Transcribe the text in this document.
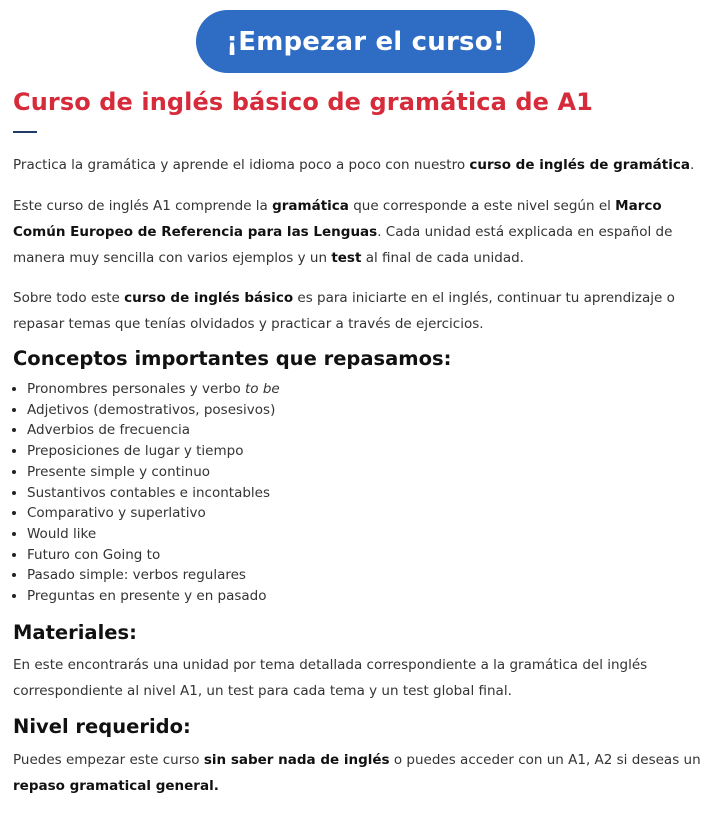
¡Empezar el curso!
Curso de inglés básico de gramática de A1
Practica la gramática y aprende el idioma poco a poco con nuestro curso de inglés de gramática.
Este curso de inglés A1 comprende la gramática que corresponde a este nivel según el Marco Común Europeo de Referencia para las Lenguas. Cada unidad está explicada en español de manera muy sencilla con varios ejemplos y un test al final de cada unidad.
Sobre todo este curso de inglés básico es para iniciarte en el inglés, continuar tu aprendizaje o repasar temas que tenías olvidados y practicar a través de ejercicios.
Conceptos importantes que repasamos:
• Pronombres personales y verbo to be
• Adjetivos (demostrativos, posesivos)
• Adverbios de frecuencia
• Preposiciones de lugar y tiempo
• Presente simple y continuo
• Sustantivos contables e incontables
• Comparativo y superlativo
• Would like
• Futuro con Going to
• Pasado simple: verbos regulares
• Preguntas en presente y en pasado
Materiales:
En este encontrarás una unidad por tema detallada correspondiente a la gramática del inglés correspondiente al nivel A1, un test para cada tema y un test global final.
Nivel requerido:
Puedes empezar este curso sin saber nada de inglés o puedes acceder con un A1, A2 si deseas un repaso gramatical general.
